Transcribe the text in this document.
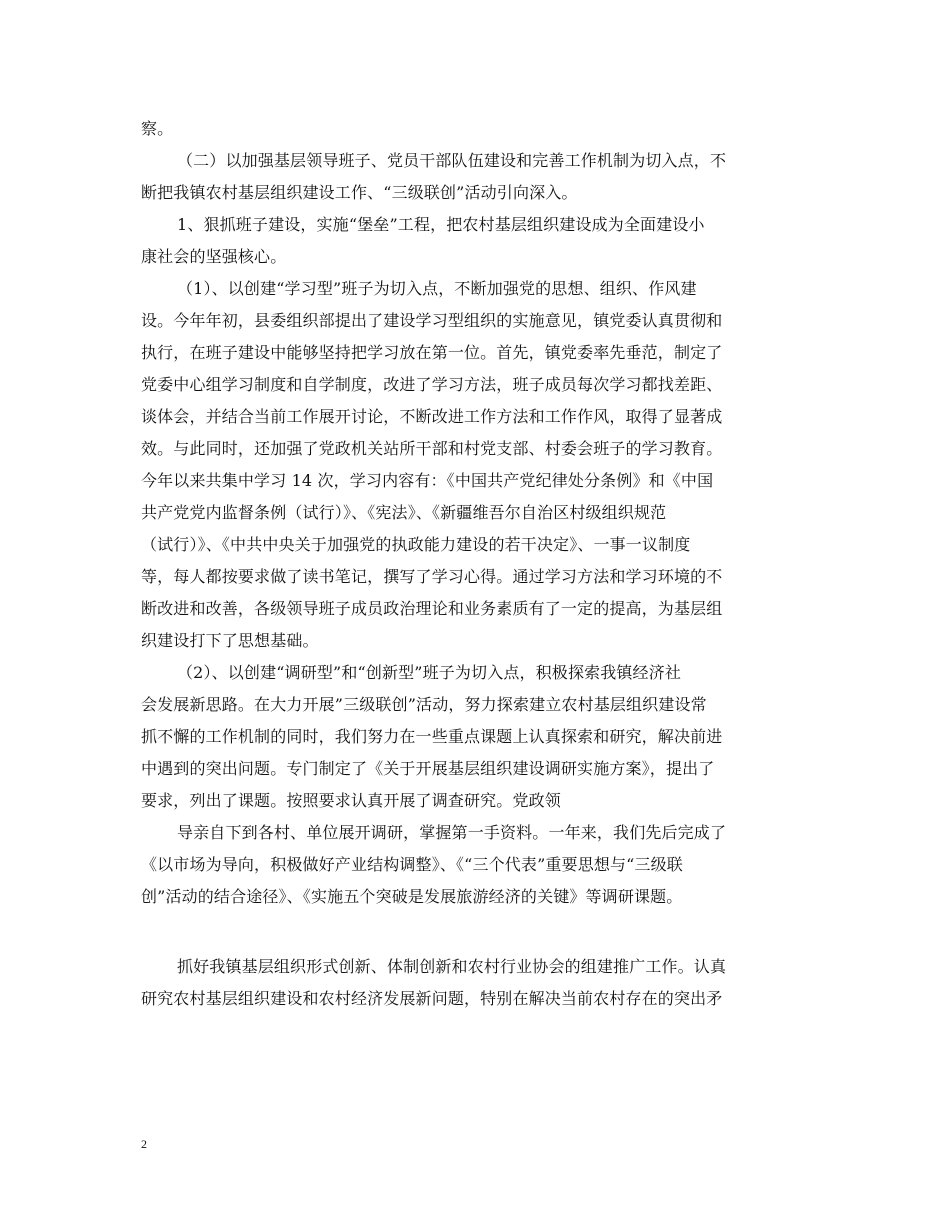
察。
（二）以加强基层领导班子、党员干部队伍建设和完善工作机制为切入点，不
断把我镇农村基层组织建设工作、“三级联创”活动引向深入。
1、狠抓班子建设，实施“堡垒”工程，把农村基层组织建设成为全面建设小
康社会的坚强核心。
（1）、以创建“学习型”班子为切入点，不断加强党的思想、组织、作风建
设。今年年初，县委组织部提出了建设学习型组织的实施意见，镇党委认真贯彻和
执行，在班子建设中能够坚持把学习放在第一位。首先，镇党委率先垂范，制定了
党委中心组学习制度和自学制度，改进了学习方法，班子成员每次学习都找差距、
谈体会，并结合当前工作展开讨论，不断改进工作方法和工作作风，取得了显著成
效。与此同时，还加强了党政机关站所干部和村党支部、村委会班子的学习教育。
今年以来共集中学习 14 次，学习内容有：《中国共产党纪律处分条例》和《中国
共产党党内监督条例（试行）》、《宪法》、《新疆维吾尔自治区村级组织规范
（试行）》、《中共中央关于加强党的执政能力建设的若干决定》、一事一议制度
等，每人都按要求做了读书笔记，撰写了学习心得。通过学习方法和学习环境的不
断改进和改善，各级领导班子成员政治理论和业务素质有了一定的提高，为基层组
织建设打下了思想基础。
（2）、以创建“调研型”和“创新型”班子为切入点，积极探索我镇经济社
会发展新思路。在大力开展”三级联创”活动，努力探索建立农村基层组织建设常
抓不懈的工作机制的同时，我们努力在一些重点课题上认真探索和研究，解决前进
中遇到的突出问题。专门制定了《关于开展基层组织建设调研实施方案》，提出了
要求，列出了课题。按照要求认真开展了调查研究。党政领
导亲自下到各村、单位展开调研，掌握第一手资料。一年来，我们先后完成了
《以市场为导向，积极做好产业结构调整》、《“三个代表”重要思想与“三级联
创”活动的结合途径》、《实施五个突破是发展旅游经济的关键》等调研课题。
抓好我镇基层组织形式创新、体制创新和农村行业协会的组建推广工作。认真
研究农村基层组织建设和农村经济发展新问题，特别在解决当前农村存在的突出矛
2
